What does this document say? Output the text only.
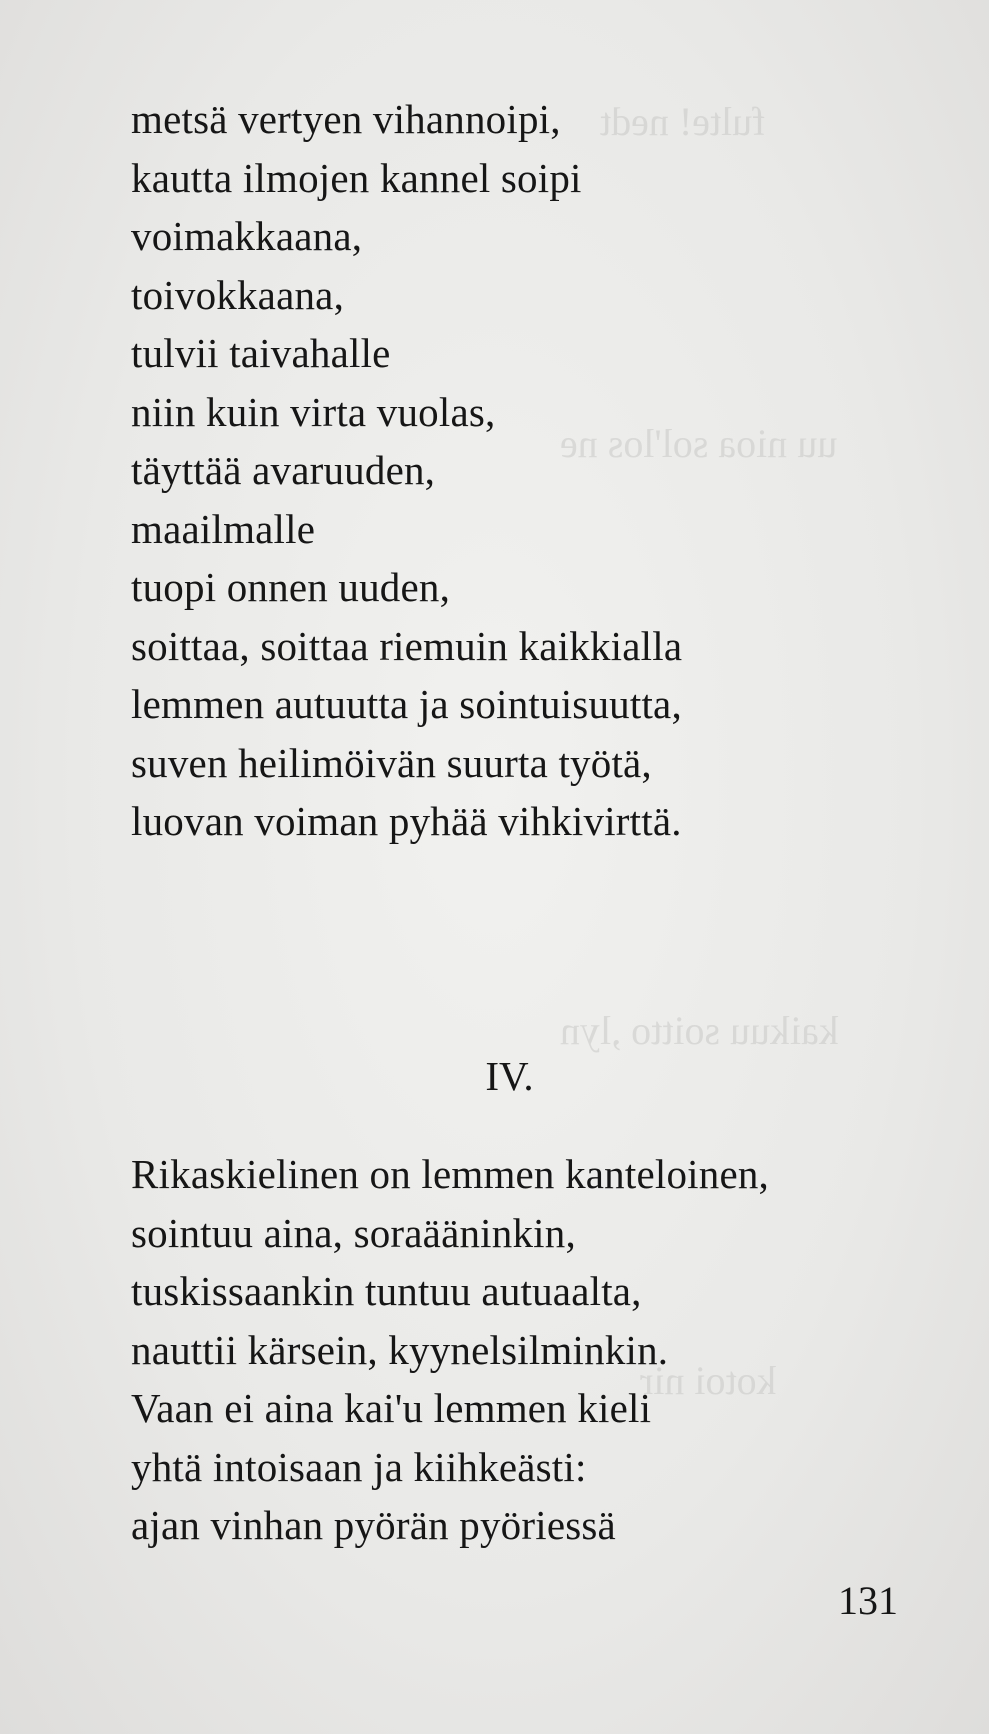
fulte! nedt
uu nioa sol'los ne
kaikuu soitto ,lyn
kotoi nir
metsä vertyen vihannoipi,
kautta ilmojen kannel soipi
voimakkaana,
toivokkaana,
tulvii taivahalle
niin kuin virta vuolas,
täyttää avaruuden,
maailmalle
tuopi onnen uuden,
soittaa, soittaa riemuin kaikkialla
lemmen autuutta ja sointuisuutta,
suven heilimöivän suurta työtä,
luovan voiman pyhää vihkivirttä.
IV.
Rikaskielinen on lemmen kanteloinen,
sointuu aina, soraääninkin,
tuskissaankin tuntuu autuaalta,
nauttii kärsein, kyynelsilminkin.
Vaan ei aina kai'u lemmen kieli
yhtä intoisaan ja kiihkeästi:
ajan vinhan pyörän pyöriessä
131
